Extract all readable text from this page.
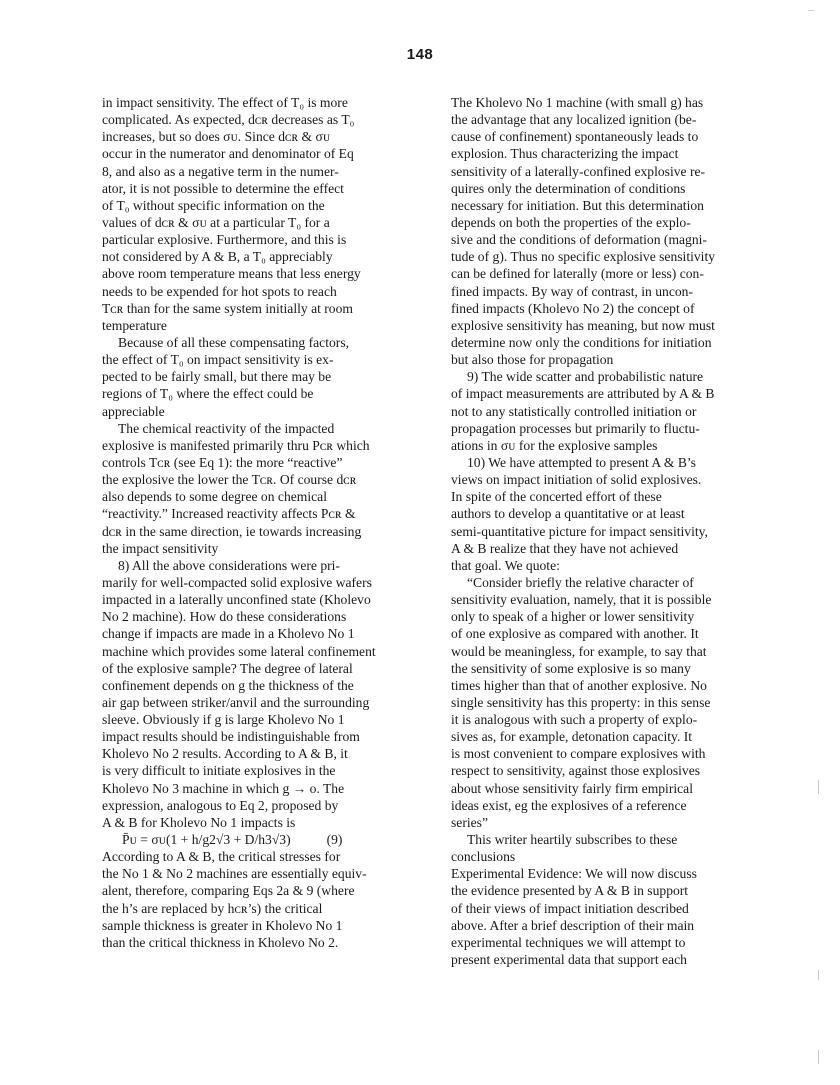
148
in impact sensitivity. The effect of T₀ is more
complicated. As expected, dᴄʀ decreases as T₀
increases, but so does σᴜ. Since dᴄʀ & σᴜ
occur in the numerator and denominator of Eq
8, and also as a negative term in the numer-
ator, it is not possible to determine the effect
of T₀ without specific information on the
values of dᴄʀ & σᴜ at a particular T₀ for a
particular explosive. Furthermore, and this is
not considered by A & B, a T₀ appreciably
above room temperature means that less energy
needs to be expended for hot spots to reach
Tᴄʀ than for the same system initially at room
temperature
Because of all these compensating factors,
the effect of T₀ on impact sensitivity is ex-
pected to be fairly small, but there may be
regions of T₀ where the effect could be
appreciable
The chemical reactivity of the impacted
explosive is manifested primarily thru Pᴄʀ which
controls Tᴄʀ (see Eq 1): the more “reactive”
the explosive the lower the Tᴄʀ. Of course dᴄʀ
also depends to some degree on chemical
“reactivity.” Increased reactivity affects Pᴄʀ &
dᴄʀ in the same direction, ie towards increasing
the impact sensitivity
8) All the above considerations were pri-
marily for well-compacted solid explosive wafers
impacted in a laterally unconfined state (Kholevo
No 2 machine). How do these considerations
change if impacts are made in a Kholevo No 1
machine which provides some lateral confinement
of the explosive sample? The degree of lateral
confinement depends on g the thickness of the
air gap between striker/anvil and the surrounding
sleeve. Obviously if g is large Kholevo No 1
impact results should be indistinguishable from
Kholevo No 2 results. According to A & B, it
is very difficult to initiate explosives in the
Kholevo No 3 machine in which g → o. The
expression, analogous to Eq 2, proposed by
A & B for Kholevo No 1 impacts is
P̄ᴜ = σᴜ(1 + h/g2√3 + D/h3√3)	(9)
According to A & B, the critical stresses for
the No 1 & No 2 machines are essentially equiv-
alent, therefore, comparing Eqs 2a & 9 (where
the h’s are replaced by hᴄʀ’s) the critical
sample thickness is greater in Kholevo No 1
than the critical thickness in Kholevo No 2.
The Kholevo No 1 machine (with small g) has
the advantage that any localized ignition (be-
cause of confinement) spontaneously leads to
explosion. Thus characterizing the impact
sensitivity of a laterally-confined explosive re-
quires only the determination of conditions
necessary for initiation. But this determination
depends on both the properties of the explo-
sive and the conditions of deformation (magni-
tude of g). Thus no specific explosive sensitivity
can be defined for laterally (more or less) con-
fined impacts. By way of contrast, in uncon-
fined impacts (Kholevo No 2) the concept of
explosive sensitivity has meaning, but now must
determine now only the conditions for initiation
but also those for propagation
9) The wide scatter and probabilistic nature
of impact measurements are attributed by A & B
not to any statistically controlled initiation or
propagation processes but primarily to fluctu-
ations in σᴜ for the explosive samples
10) We have attempted to present A & B’s
views on impact initiation of solid explosives.
In spite of the concerted effort of these
authors to develop a quantitative or at least
semi-quantitative picture for impact sensitivity,
A & B realize that they have not achieved
that goal. We quote:
“Consider briefly the relative character of
sensitivity evaluation, namely, that it is possible
only to speak of a higher or lower sensitivity
of one explosive as compared with another. It
would be meaningless, for example, to say that
the sensitivity of some explosive is so many
times higher than that of another explosive. No
single sensitivity has this property: in this sense
it is analogous with such a property of explo-
sives as, for example, detonation capacity. It
is most convenient to compare explosives with
respect to sensitivity, against those explosives
about whose sensitivity fairly firm empirical
ideas exist, eg the explosives of a reference
series”
This writer heartily subscribes to these
conclusions
Experimental Evidence: We will now discuss
the evidence presented by A & B in support
of their views of impact initiation described
above. After a brief description of their main
experimental techniques we will attempt to
present experimental data that support each
